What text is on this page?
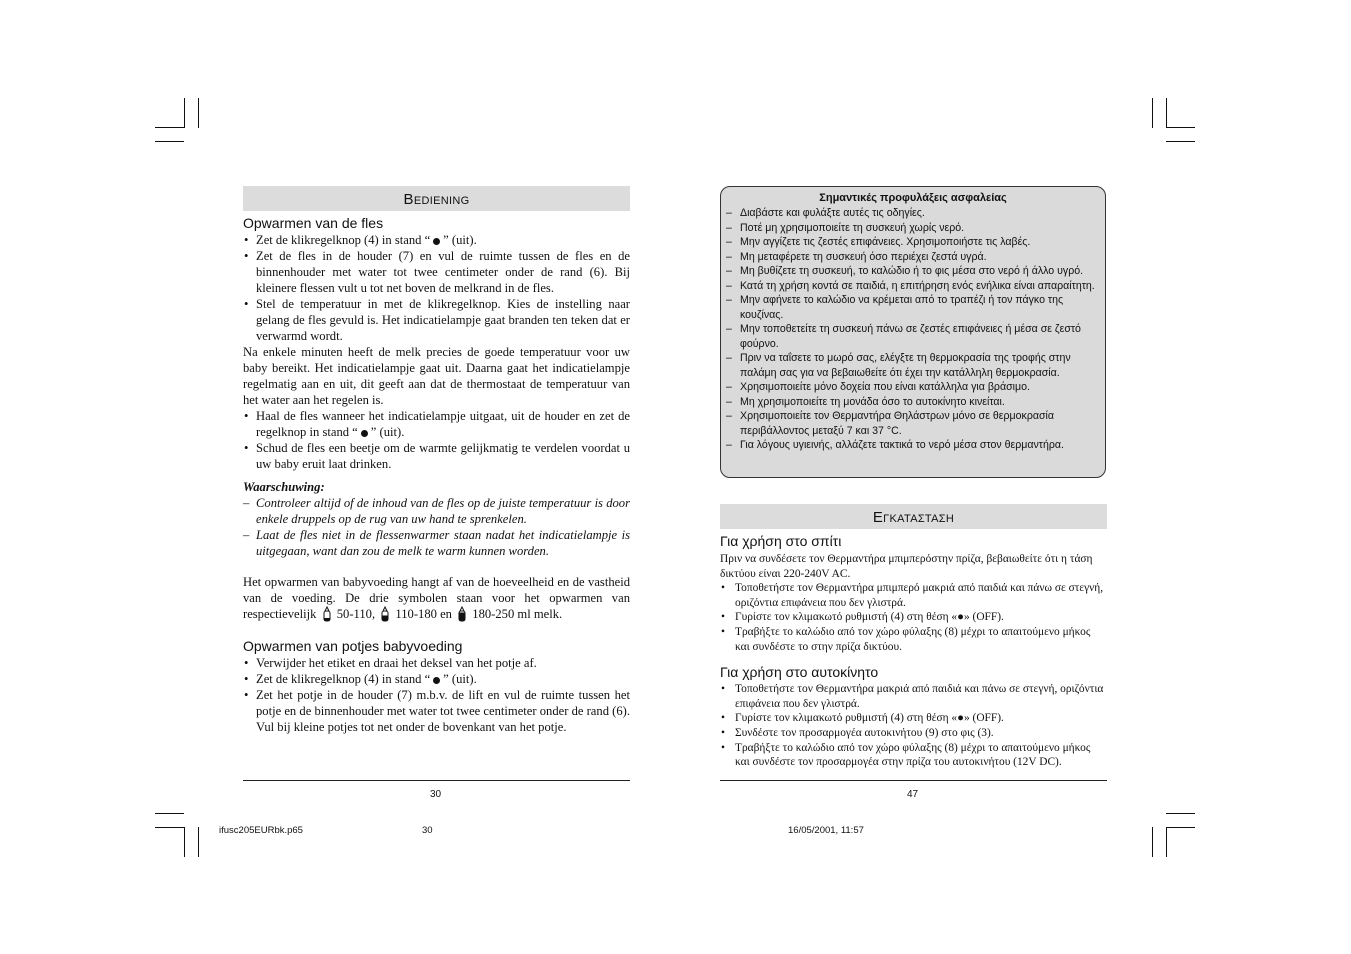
Bediening

Opwarmen van de fles

• Zet de klikregelknop (4) in stand “ ” (uit).
• Zet de fles in de houder (7) en vul de ruimte tussen de fles en de binnenhouder met water tot twee centimeter onder de rand (6). Bij kleinere flessen vult u tot net boven de melkrand in de fles.
• Stel de temperatuur in met de klikregelknop. Kies de instelling naar gelang de fles gevuld is. Het indicatielampje gaat branden ten teken dat er verwarmd wordt.
Na enkele minuten heeft de melk precies de goede temperatuur voor uw baby bereikt. Het indicatielampje gaat uit. Daarna gaat het indicatielampje regelmatig aan en uit, dit geeft aan dat de thermostaat de temperatuur van het water aan het regelen is.
• Haal de fles wanneer het indicatielampje uitgaat, uit de houder en zet de regelknop in stand “ ” (uit).
• Schud de fles een beetje om de warmte gelijkmatig te verdelen voordat u uw baby eruit laat drinken.
Waarschuwing:
– Controleer altijd of de inhoud van de fles op de juiste temperatuur is door enkele druppels op de rug van uw hand te sprenkelen.
– Laat de fles niet in de flessenwarmer staan nadat het indicatielampje is uitgegaan, want dan zou de melk te warm kunnen worden.
Het opwarmen van babyvoeding hangt af van de hoeveelheid en de vastheid van de voeding. De drie symbolen staan voor het opwarmen van respectievelijk 50-110, 110-180 en 180-250 ml melk.

Opwarmen van potjes babyvoeding

• Verwijder het etiket en draai het deksel van het potje af.
• Zet de klikregelknop (4) in stand “ ” (uit).
• Zet het potje in de houder (7) m.b.v. de lift en vul de ruimte tussen het potje en de binnenhouder met water tot twee centimeter onder de rand (6). Vul bij kleine potjes tot net onder de bovenkant van het potje.
30
Σημαντικές προφυλάξεις ασφαλείας
– Διαβάστε και φυλάξτε αυτές τις οδηγίες.
– Ποτέ μη χρησιμοποιείτε τη συσκευή χωρίς νερό.
– Μην αγγίζετε τις ζεστές επιφάνειες. Χρησιμοποιήστε τις λαβές.
– Μη μεταφέρετε τη συσκευή όσο περιέχει ζεστά υγρά.
– Μη βυθίζετε τη συσκευή, το καλώδιο ή το φις μέσα στο νερό ή άλλο υγρό.
– Κατά τη χρήση κοντά σε παιδιά, η επιτήρηση ενός ενήλικα είναι απαραίτητη.
– Μην αφήνετε το καλώδιο να κρέμεται από το τραπέζι ή τον πάγκο της κουζίνας.
– Μην τοποθετείτε τη συσκευή πάνω σε ζεστές επιφάνειες ή μέσα σε ζεστό φούρνο.
– Πριν να ταΐσετε το μωρό σας, ελέγξτε τη θερμοκρασία της τροφής στην παλάμη σας για να βεβαιωθείτε ότι έχει την κατάλληλη θερμοκρασία.
– Χρησιμοποιείτε μόνο δοχεία που είναι κατάλληλα για βράσιμο.
– Μη χρησιμοποιείτε τη μονάδα όσο το αυτοκίνητο κινείται.
– Χρησιμοποιείτε τον Θερμαντήρα Θηλάστρων μόνο σε θερμοκρασία περιβάλλοντος μεταξύ 7 και 37 °C.
– Για λόγους υγιεινής, αλλάζετε τακτικά το νερό μέσα στον θερμαντήρα.
Εγκατασταση

Για χρήση στο σπίτι

Πριν να συνδέσετε τον Θερμαντήρα μπιμπερόστην πρίζα, βεβαιωθείτε ότι η τάση δικτύου είναι 220-240V AC.
• Τοποθετήστε τον Θερμαντήρα μπιμπερό μακριά από παιδιά και πάνω σε στεγνή, οριζόντια επιφάνεια που δεν γλιστρά.
• Γυρίστε τον κλιμακωτό ρυθμιστή (4) στη θέση «●» (OFF).
• Τραβήξτε το καλώδιο από τον χώρο φύλαξης (8) μέχρι το απαιτούμενο μήκος και συνδέστε το στην πρίζα δικτύου.

Για χρήση στο αυτοκίνητο

• Τοποθετήστε τον Θερμαντήρα μακριά από παιδιά και πάνω σε στεγνή, οριζόντια επιφάνεια που δεν γλιστρά.
• Γυρίστε τον κλιμακωτό ρυθμιστή (4) στη θέση «●» (OFF).
• Συνδέστε τον προσαρμογέα αυτοκινήτου (9) στο φις (3).
• Τραβήξτε το καλώδιο από τον χώρο φύλαξης (8) μέχρι το απαιτούμενο μήκος και συνδέστε τον προσαρμογέα στην πρίζα του αυτοκινήτου (12V DC).
47
ifusc205EURbk.p65	30	16/05/2001, 11:57
